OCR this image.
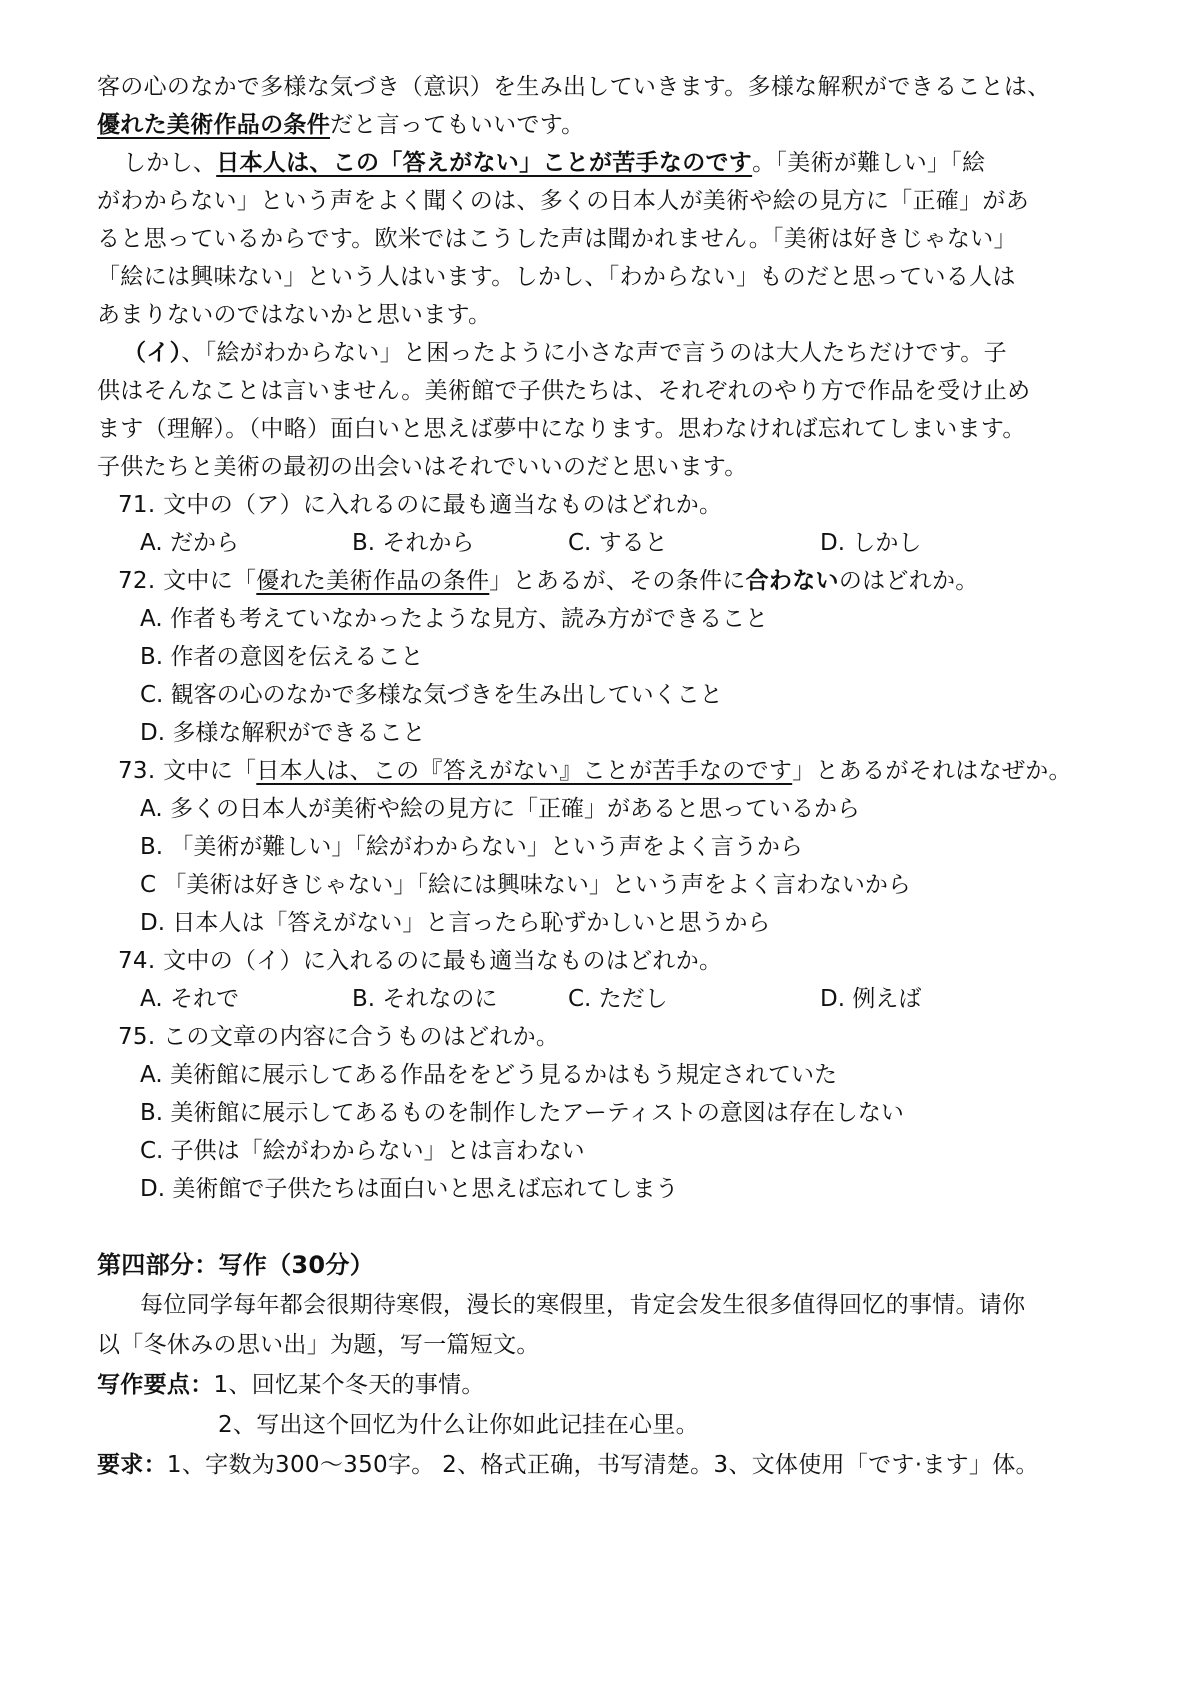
客の心のなかで多様な気づき（意识）を生み出していきます。多様な解釈ができることは、
優れた美術作品の条件だと言ってもいいです。
しかし、日本人は、この「答えがない」ことが苦手なのです。「美術が難しい」「絵
がわからない」という声をよく聞くのは、多くの日本人が美術や絵の見方に「正確」があ
ると思っているからです。欧米ではこうした声は聞かれません。「美術は好きじゃない」
「絵には興味ない」という人はいます。しかし、「わからない」ものだと思っている人は
あまりないのではないかと思います。
（イ）、「絵がわからない」と困ったように小さな声で言うのは大人たちだけです。子
供はそんなことは言いません。美術館で子供たちは、それぞれのやり方で作品を受け止め
ます（理解）。（中略）面白いと思えば夢中になります。思わなければ忘れてしまいます。
子供たちと美術の最初の出会いはそれでいいのだと思います。
71. 文中の（ア）に入れるのに最も適当なものはどれか。
A. だから	B. それから	C. すると	D. しかし
72. 文中に「優れた美術作品の条件」とあるが、その条件に合わないのはどれか。
A. 作者も考えていなかったような見方、読み方ができること
B. 作者の意図を伝えること
C. 観客の心のなかで多様な気づきを生み出していくこと
D. 多様な解釈ができること
73. 文中に「日本人は、この『答えがない』ことが苦手なのです」とあるがそれはなぜか。
A. 多くの日本人が美術や絵の見方に「正確」があると思っているから
B. 「美術が難しい」「絵がわからない」という声をよく言うから
C 「美術は好きじゃない」「絵には興味ない」という声をよく言わないから
D. 日本人は「答えがない」と言ったら恥ずかしいと思うから
74. 文中の（イ）に入れるのに最も適当なものはどれか。
A. それで	B. それなのに	C. ただし	D. 例えば
75. この文章の内容に合うものはどれか。
A. 美術館に展示してある作品ををどう見るかはもう規定されていた
B. 美術館に展示してあるものを制作したアーティストの意図は存在しない
C. 子供は「絵がわからない」とは言わない
D. 美術館で子供たちは面白いと思えば忘れてしまう
第四部分：写作（30分）
每位同学每年都会很期待寒假，漫长的寒假里，肯定会发生很多值得回忆的事情。请你
以「冬休みの思い出」为题，写一篇短文。
写作要点：1、回忆某个冬天的事情。
2、写出这个回忆为什么让你如此记挂在心里。
要求：1、字数为300～350字。 2、格式正确，书写清楚。3、文体使用「です·ます」体。
